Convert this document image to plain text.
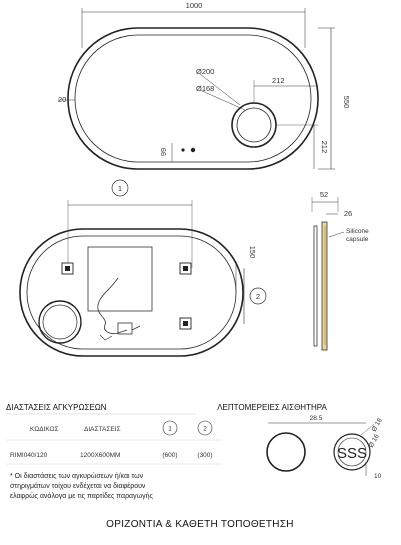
1000
20
Ø200
Ø168
212
550
212
99
1
150
2
52
26
Silicone
capsule
ΔΙΑΣΤΑΣΕΙΣ ΑΓΚΥΡΩΣΕΩΝ
ΚΩΔΙΚΟΣ	ΔΙΑΣΤΑΣΕΙΣ	1	2
RIMI040/120	1200X600MM	(600)	(300)
* Οι διαστάσεις των αγκυρώσεων ή/και των
στηριγμάτων τοίχου ενδέχεται να διαφέρουν
ελαφρώς ανάλογα με τις παρτίδες παραγωγής
ΛΕΠΤΟΜΕΡΕΙΕΣ ΑΙΣΘΗΤΗΡΑ
28.5
SSS
Ø 18
Ø 16
10
ΟΡΙΖΟΝΤΙΑ & ΚΑΘΕΤΗ ΤΟΠΟΘΕΤΗΣΗ
